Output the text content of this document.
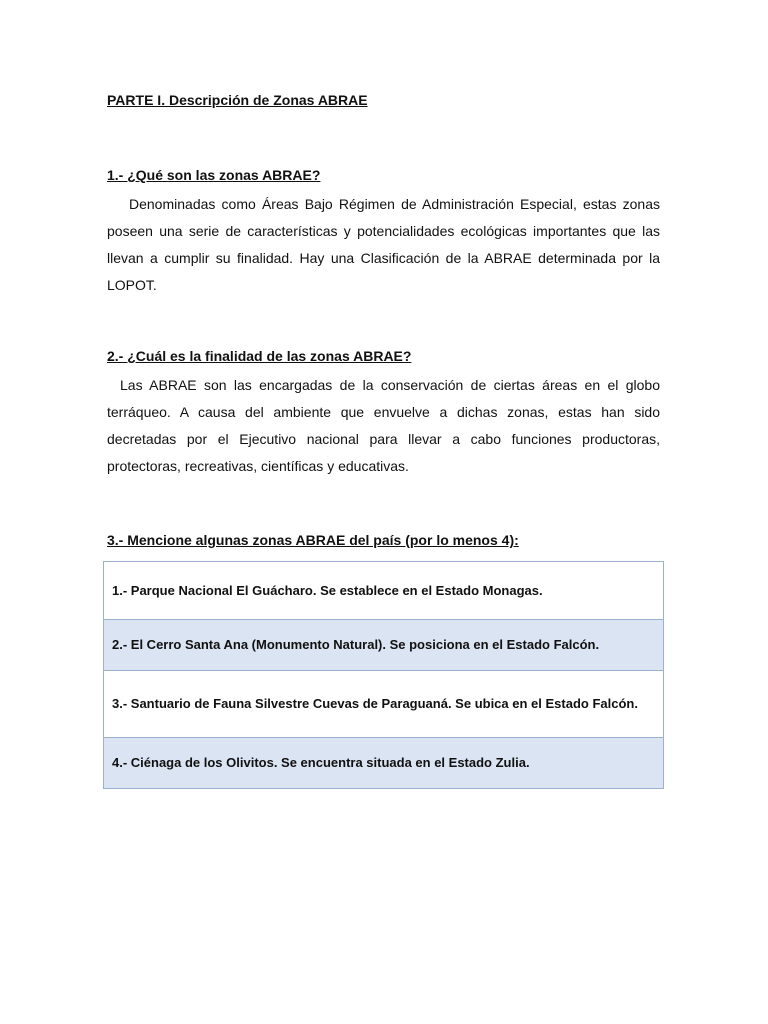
PARTE I. Descripción de Zonas ABRAE
1.- ¿Qué son las zonas ABRAE?

Denominadas como Áreas Bajo Régimen de Administración Especial, estas zonas poseen una serie de características y potencialidades ecológicas importantes que las llevan a cumplir su finalidad. Hay una Clasificación de la ABRAE determinada por la LOPOT.

2.- ¿Cuál es la finalidad de las zonas ABRAE?

Las ABRAE son las encargadas de la conservación de ciertas áreas en el globo terráqueo. A causa del ambiente que envuelve a dichas zonas, estas han sido decretadas por el Ejecutivo nacional para llevar a cabo funciones productoras, protectoras, recreativas, científicas y educativas.

3.- Mencione algunas zonas ABRAE del país (por lo menos 4):
1.- Parque Nacional El Guácharo. Se establece en el Estado Monagas.
2.- El Cerro Santa Ana (Monumento Natural). Se posiciona en el Estado Falcón.
3.- Santuario de Fauna Silvestre Cuevas de Paraguaná. Se ubica en el Estado Falcón.
4.- Ciénaga de los Olivitos. Se encuentra situada en el Estado Zulia.
